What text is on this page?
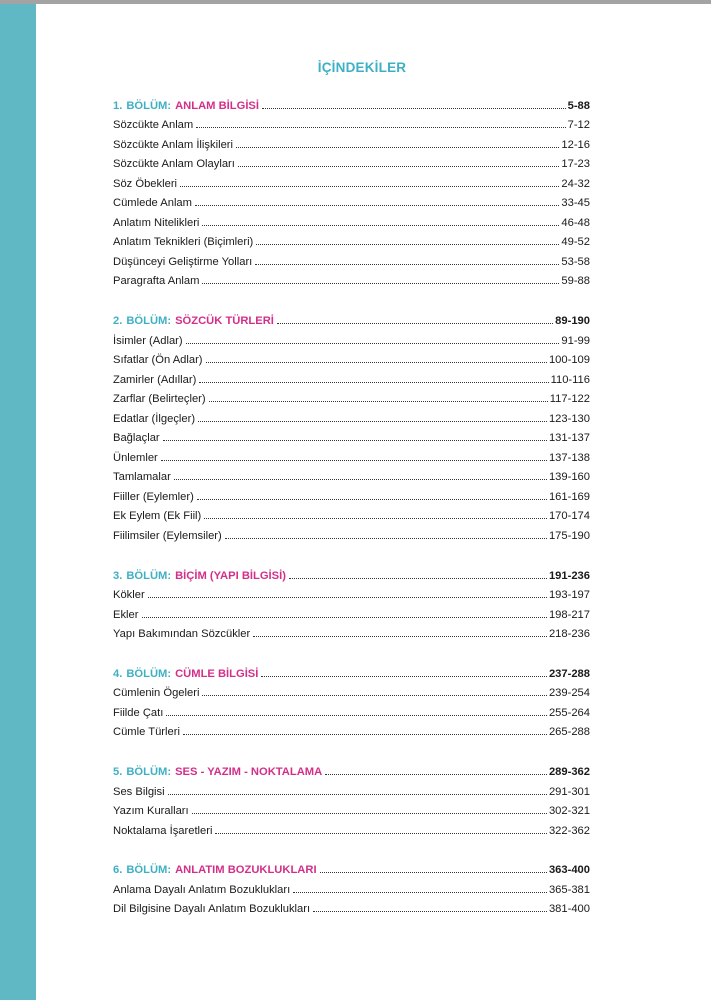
İÇİNDEKİLER
1. BÖLÜM: ANLAM BİLGİSİ	5-88
Sözcükte Anlam	7-12
Sözcükte Anlam İlişkileri	12-16
Sözcükte Anlam Olayları	17-23
Söz Öbekleri	24-32
Cümlede Anlam	33-45
Anlatım Nitelikleri	46-48
Anlatım Teknikleri (Biçimleri)	49-52
Düşünceyi Geliştirme Yolları	53-58
Paragrafta Anlam	59-88
2. BÖLÜM: SÖZCÜK TÜRLERİ	89-190
İsimler (Adlar)	91-99
Sıfatlar (Ön Adlar)	100-109
Zamirler (Adıllar)	110-116
Zarflar (Belirteçler)	117-122
Edatlar (İlgeçler)	123-130
Bağlaçlar	131-137
Ünlemler	137-138
Tamlamalar	139-160
Fiiller (Eylemler)	161-169
Ek Eylem (Ek Fiil)	170-174
Fiilimsiler (Eylemsiler)	175-190
3. BÖLÜM: BİÇİM (YAPI BİLGİSİ)	191-236
Kökler	193-197
Ekler	198-217
Yapı Bakımından Sözcükler	218-236
4. BÖLÜM: CÜMLE BİLGİSİ	237-288
Cümlenin Ögeleri	239-254
Fiilde Çatı	255-264
Cümle Türleri	265-288
5. BÖLÜM: SES - YAZIM - NOKTALAMA	289-362
Ses Bilgisi	291-301
Yazım Kuralları	302-321
Noktalama İşaretleri	322-362
6. BÖLÜM: ANLATIM BOZUKLUKLARI	363-400
Anlama Dayalı Anlatım Bozuklukları	365-381
Dil Bilgisine Dayalı Anlatım Bozuklukları	381-400
